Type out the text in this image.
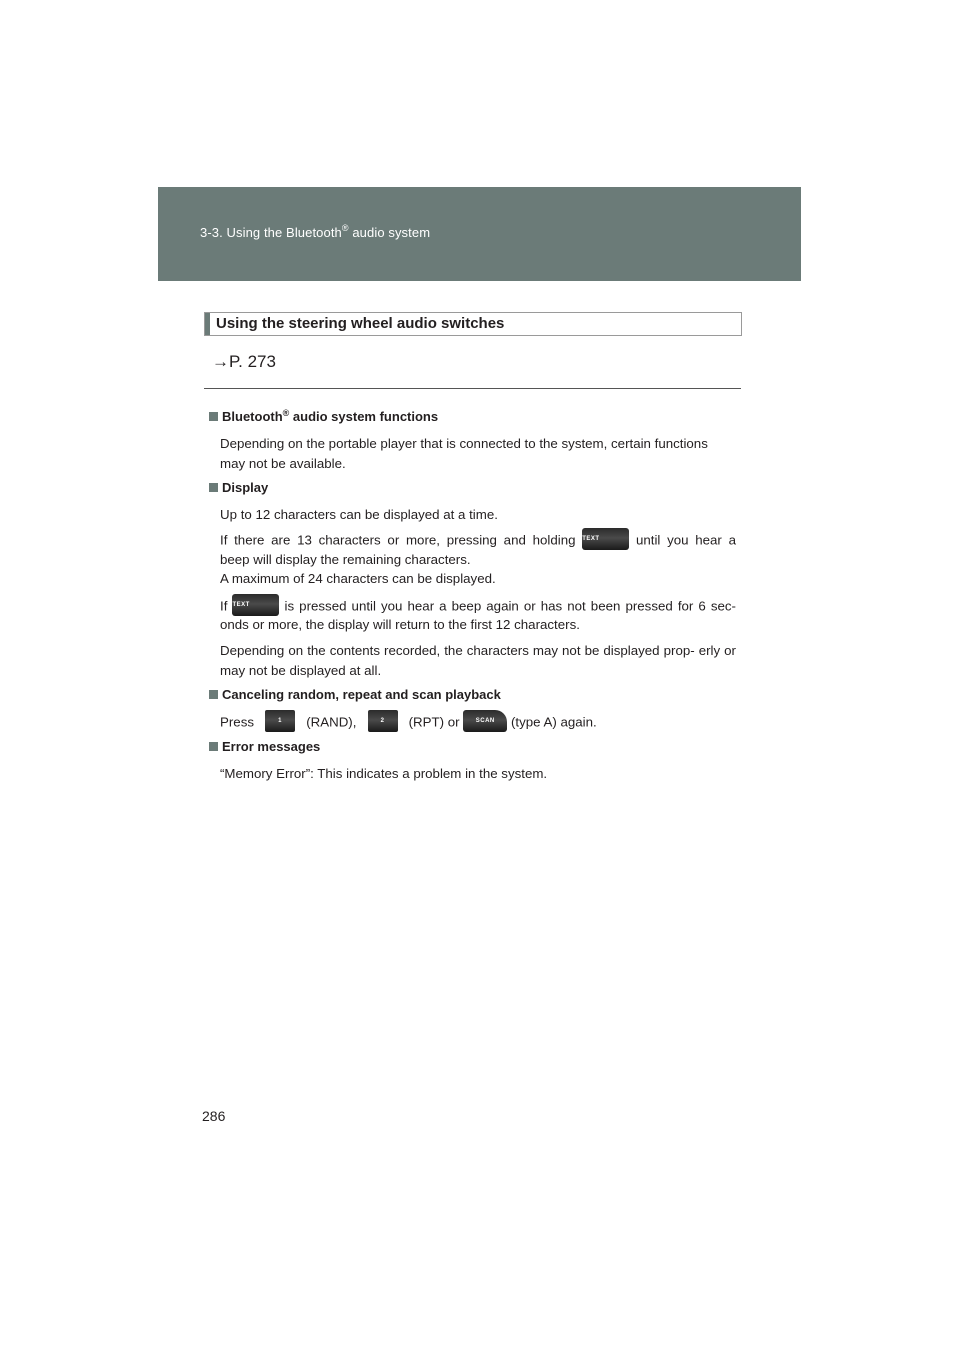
3-3. Using the Bluetooth® audio system
Using the steering wheel audio switches
→P. 273
Bluetooth® audio system functions
Depending on the portable player that is connected to the system, certain functions may not be available.
Display
Up to 12 characters can be displayed at a time.
If there are 13 characters or more, pressing and holding TEXT	until you hear a
beep will display the remaining characters.
A maximum of 24 characters can be displayed.
If TEXT	is pressed until you hear a beep again or has not been pressed for 6 sec-
onds or more, the display will return to the first 12 characters.
Depending on the contents recorded, the characters may not be displayed prop- erly or may not be displayed at all.
Canceling random, repeat and scan playback
Press	1 (RAND),	2 (RPT) or	SCAN (type A) again.
Error messages
“Memory Error”: This indicates a problem in the system.
286
